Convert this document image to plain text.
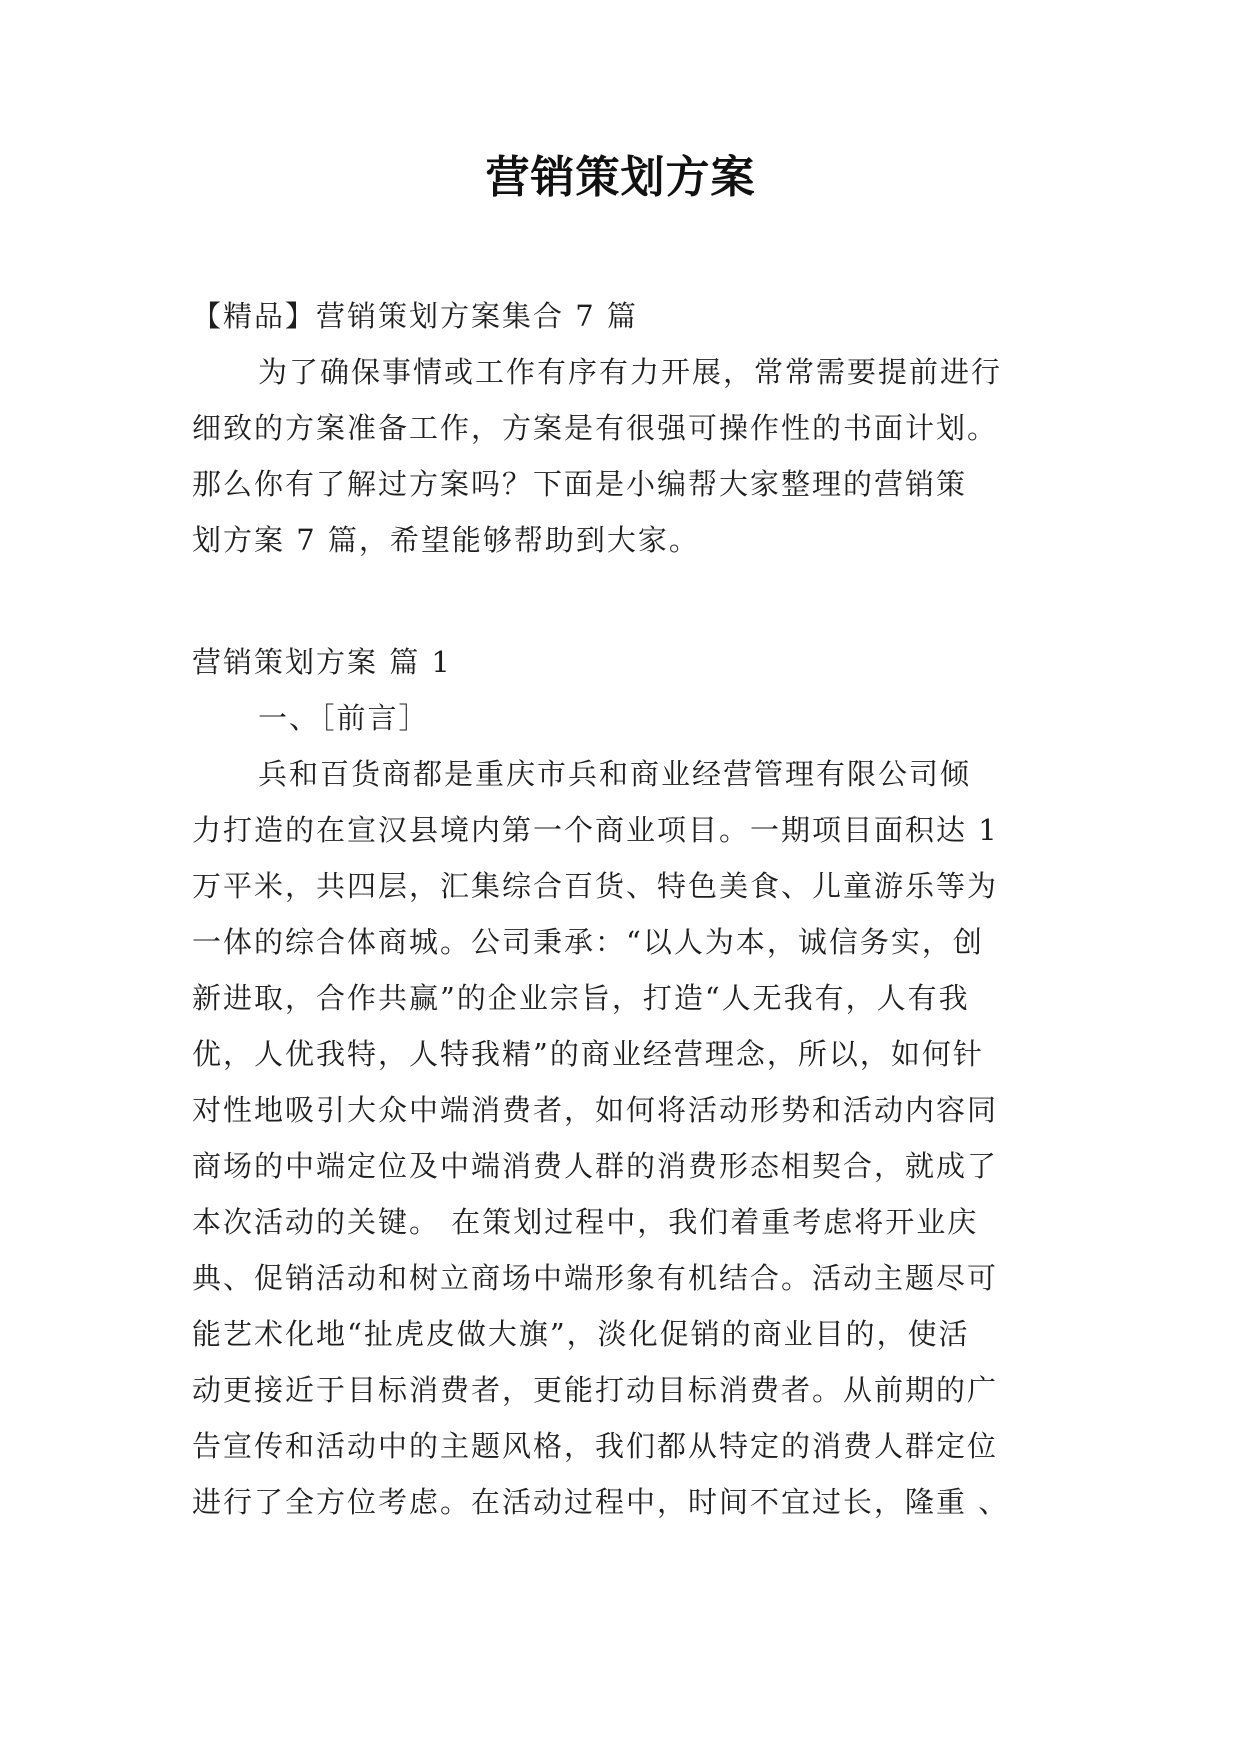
营销策划方案
【精品】营销策划方案集合 7 篇
为了确保事情或工作有序有力开展，常常需要提前进行
细致的方案准备工作，方案是有很强可操作性的书面计划。
那么你有了解过方案吗？下面是小编帮大家整理的营销策
划方案 7 篇，希望能够帮助到大家。
营销策划方案 篇 1
一、［前言］
兵和百货商都是重庆市兵和商业经营管理有限公司倾
力打造的在宣汉县境内第一个商业项目。一期项目面积达 1
万平米，共四层，汇集综合百货、特色美食、儿童游乐等为
一体的综合体商城。公司秉承：“以人为本，诚信务实，创
新进取，合作共赢”的企业宗旨，打造“人无我有，人有我
优，人优我特，人特我精”的商业经营理念，所以，如何针
对性地吸引大众中端消费者，如何将活动形势和活动内容同
商场的中端定位及中端消费人群的消费形态相契合，就成了
本次活动的关键。 在策划过程中，我们着重考虑将开业庆
典、促销活动和树立商场中端形象有机结合。活动主题尽可
能艺术化地“扯虎皮做大旗”，淡化促销的商业目的，使活
动更接近于目标消费者，更能打动目标消费者。从前期的广
告宣传和活动中的主题风格，我们都从特定的消费人群定位
进行了全方位考虑。在活动过程中，时间不宜过长，隆重 、
